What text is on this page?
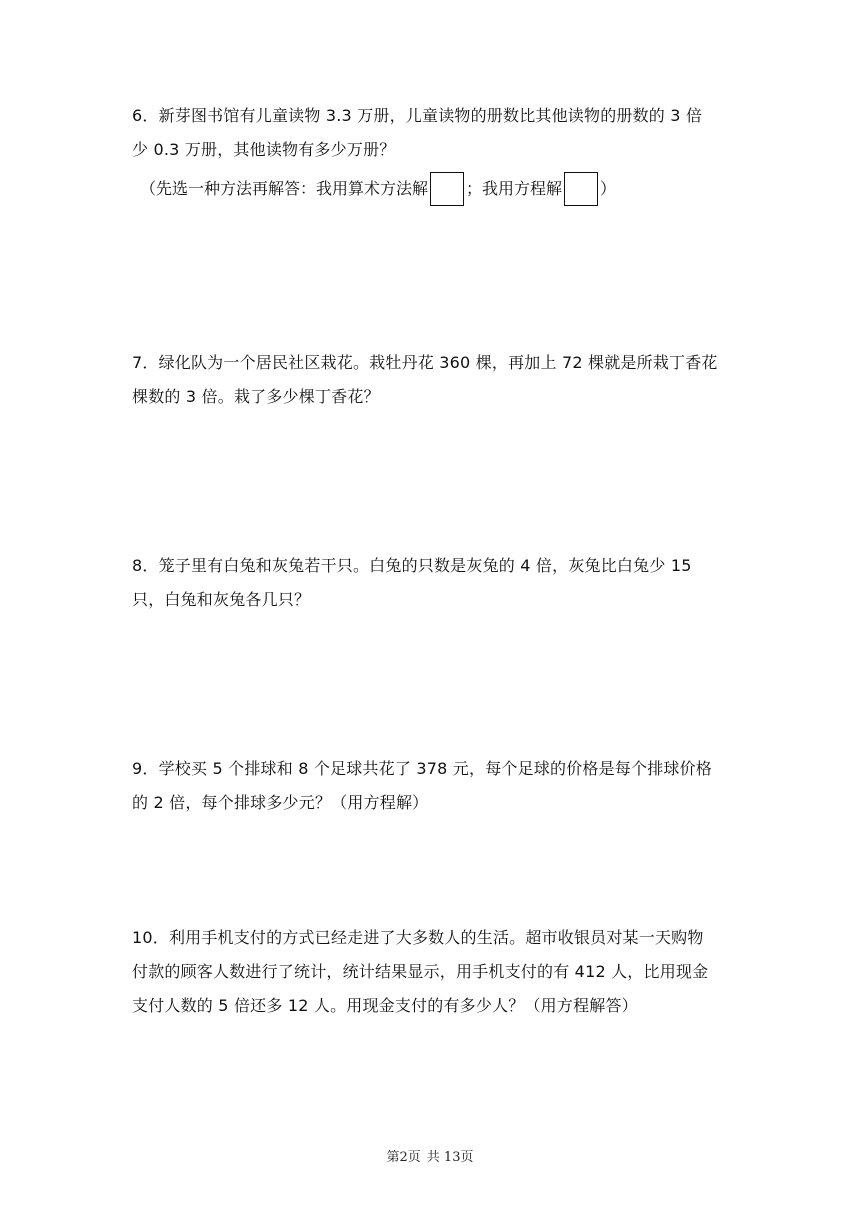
6．新芽图书馆有儿童读物 3.3 万册，儿童读物的册数比其他读物的册数的 3 倍
少 0.3 万册，其他读物有多少万册？
（先选一种方法再解答：我用算术方法解 ；我用方程解 ）
7．绿化队为一个居民社区栽花。栽牡丹花 360 棵，再加上 72 棵就是所栽丁香花
棵数的 3 倍。栽了多少棵丁香花？
8．笼子里有白兔和灰兔若干只。白兔的只数是灰兔的 4 倍，灰兔比白兔少 15
只，白兔和灰兔各几只？
9．学校买 5 个排球和 8 个足球共花了 378 元，每个足球的价格是每个排球价格
的 2 倍，每个排球多少元？（用方程解）
10．利用手机支付的方式已经走进了大多数人的生活。超市收银员对某一天购物
付款的顾客人数进行了统计，统计结果显示，用手机支付的有 412 人，比用现金
支付人数的 5 倍还多 12 人。用现金支付的有多少人？（用方程解答）
第2页 共 13页
